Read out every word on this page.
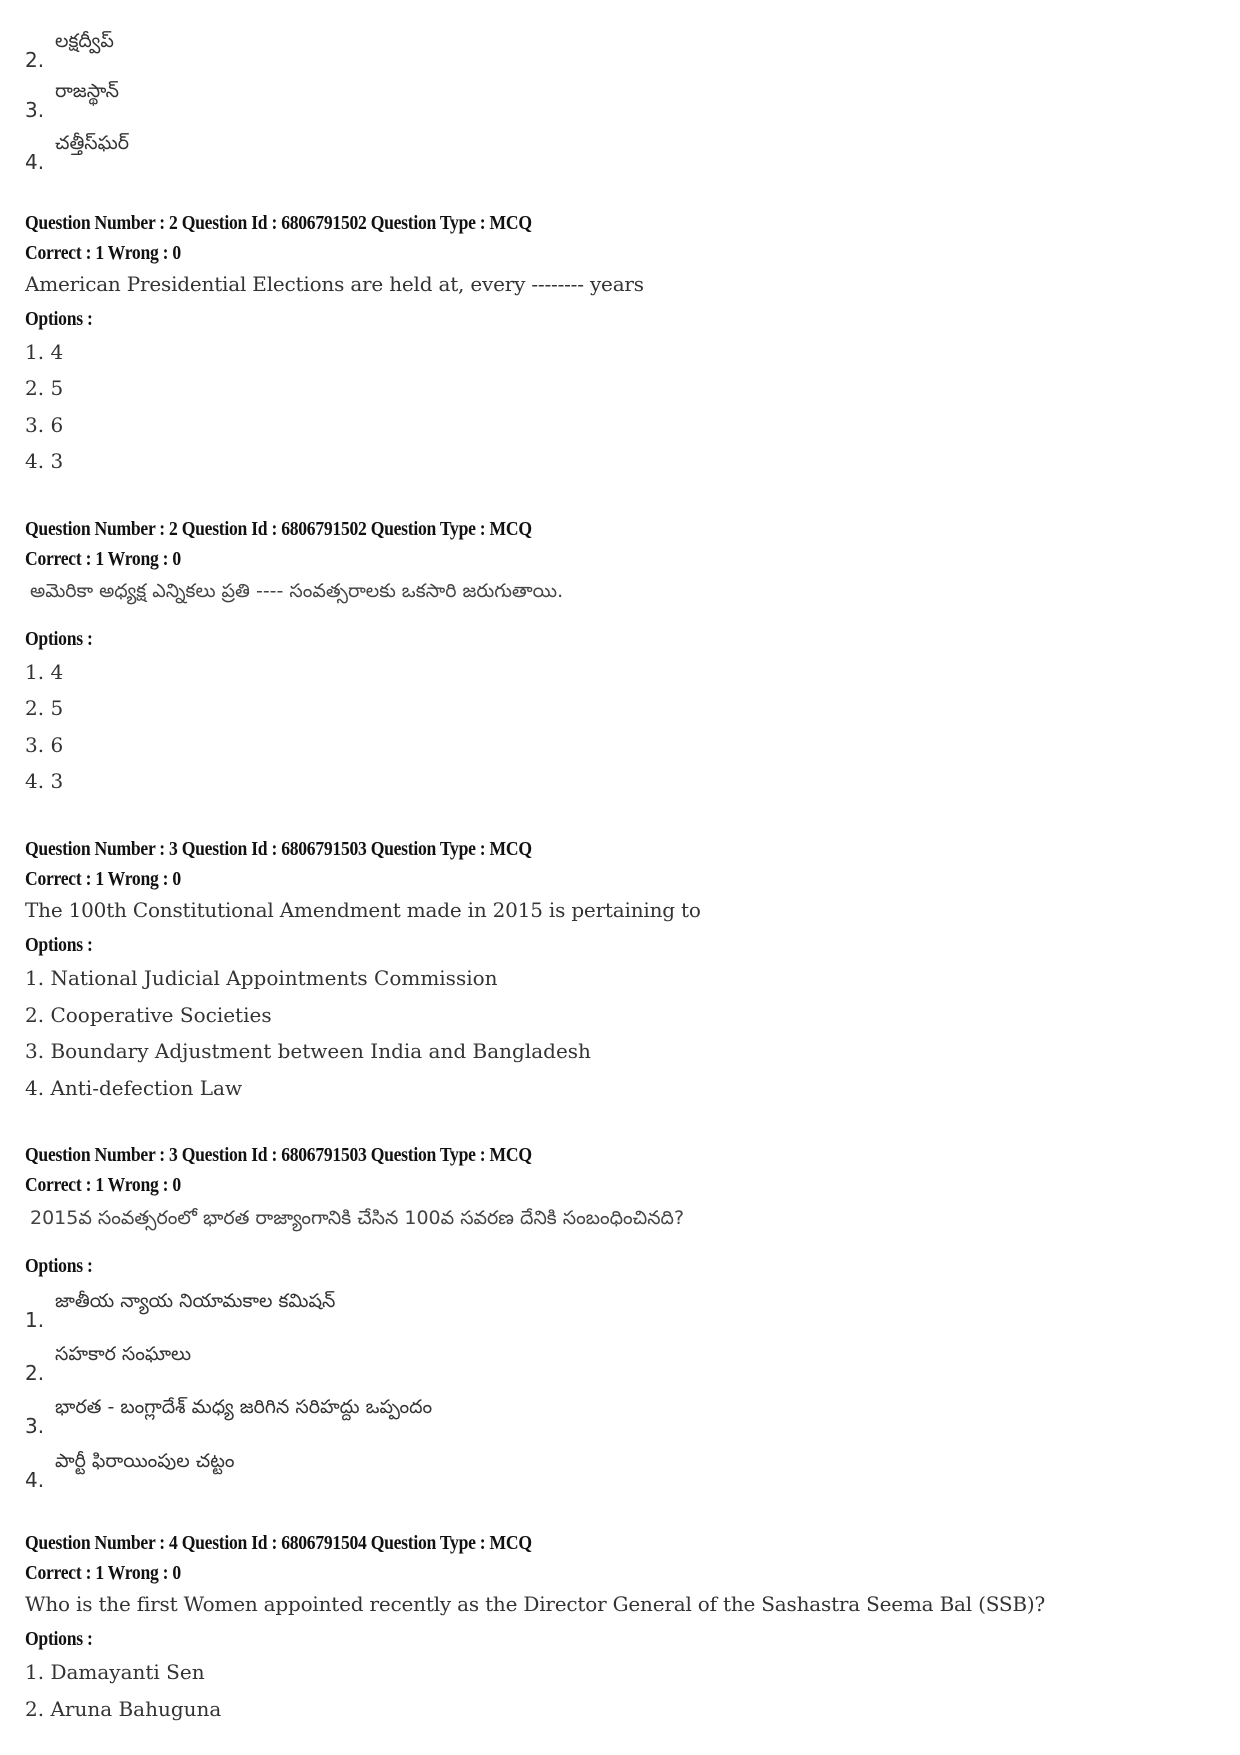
2.
లక్షద్వీప్
3.
రాజస్థాన్
4.
చత్తీస్‌ఘర్
Question Number : 2 Question Id : 6806791502 Question Type : MCQ
Correct : 1 Wrong : 0
American Presidential Elections are held at, every -------- years
Options :
1. 4
2. 5
3. 6
4. 3
Question Number : 2 Question Id : 6806791502 Question Type : MCQ
Correct : 1 Wrong : 0
అమెరికా అధ్యక్ష ఎన్నికలు ప్రతి ---- సంవత్సరాలకు ఒకసారి జరుగుతాయి.
Options :
1. 4
2. 5
3. 6
4. 3
Question Number : 3 Question Id : 6806791503 Question Type : MCQ
Correct : 1 Wrong : 0
The 100th Constitutional Amendment made in 2015 is pertaining to
Options :
1. National Judicial Appointments Commission
2. Cooperative Societies
3. Boundary Adjustment between India and Bangladesh
4. Anti-defection Law
Question Number : 3 Question Id : 6806791503 Question Type : MCQ
Correct : 1 Wrong : 0
2015వ సంవత్సరంలో భారత రాజ్యాంగానికి చేసిన 100వ సవరణ దేనికి సంబంధించినది?
Options :
1.
జాతీయ న్యాయ నియామకాల కమిషన్
2.
సహకార సంఘాలు
3.
భారత - బంగ్లాదేశ్ మధ్య జరిగిన సరిహద్దు ఒప్పందం
4.
పార్టీ ఫిరాయింపుల చట్టం
Question Number : 4 Question Id : 6806791504 Question Type : MCQ
Correct : 1 Wrong : 0
Who is the first Women appointed recently as the Director General of the Sashastra Seema Bal (SSB)?
Options :
1. Damayanti Sen
2. Aruna Bahuguna
